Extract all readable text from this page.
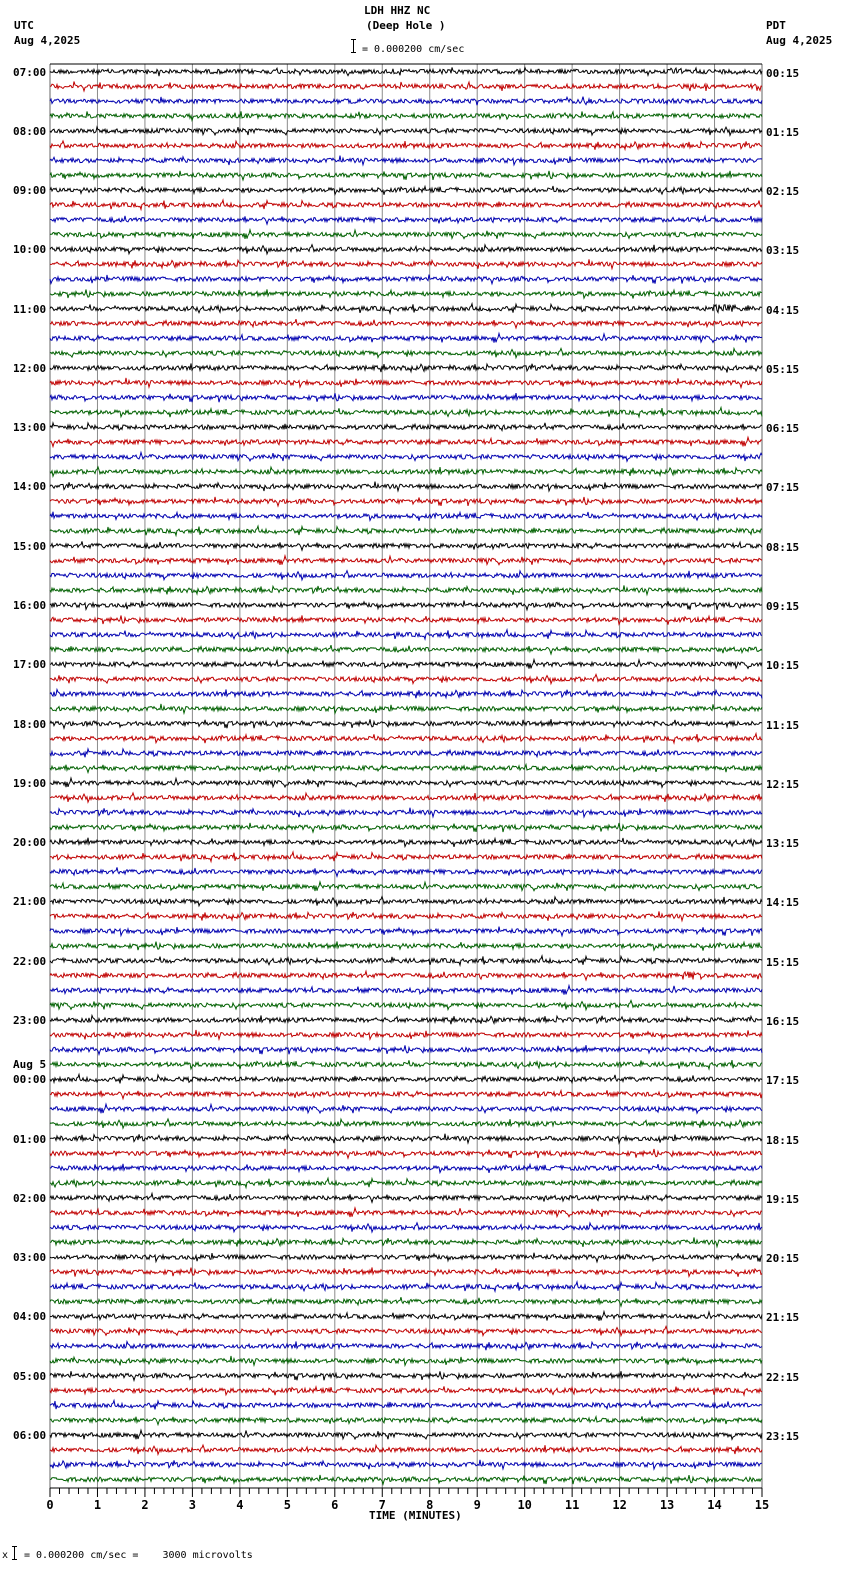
LDH HHZ NC
(Deep Hole )
UTC
Aug 4,2025
PDT
Aug 4,2025
= 0.000200 cm/sec
0	1	2	3	4	5	6	7	8	9	10	11	12	13	14	15
07:00	00:15
08:00	01:15
09:00	02:15
10:00	03:15
11:00	04:15
12:00	05:15
13:00	06:15
14:00	07:15
15:00	08:15
16:00	09:15
17:00	10:15
18:00	11:15
19:00	12:15
20:00	13:15
21:00	14:15
22:00	15:15
23:00	16:15
00:00	17:15
01:00	18:15
02:00	19:15
03:00	20:15
04:00	21:15
05:00	22:15
06:00	23:15
Aug 5
TIME (MINUTES)
x = 0.000200 cm/sec =    3000 microvolts
